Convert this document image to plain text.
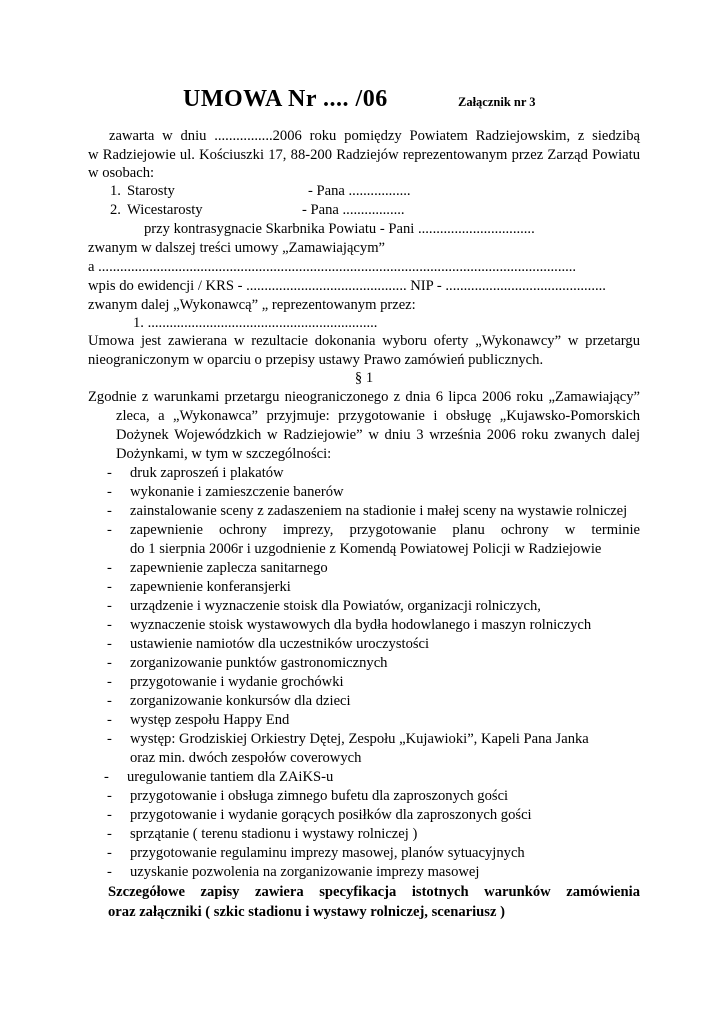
UMOWA Nr .... /06	Załącznik nr 3
zawarta w dniu ................2006 roku pomiędzy Powiatem Radziejowskim, z siedzibą
w Radziejowie ul. Kościuszki 17, 88-200 Radziejów reprezentowanym przez Zarząd Powiatu
w osobach:
1. Starosty	- Pana .................
2. Wicestarosty	- Pana .................
przy kontrasygnacie Skarbnika Powiatu - Pani ................................
zwanym w dalszej treści umowy „Zamawiającym”
a ...................................................................................................................................
wpis do ewidencji / KRS - ............................................ NIP - ............................................
zwanym dalej „Wykonawcą” „ reprezentowanym przez:
1. ...............................................................
Umowa jest zawierana w rezultacie dokonania wyboru oferty „Wykonawcy” w przetargu
nieograniczonym w oparciu o przepisy ustawy Prawo zamówień publicznych.
§ 1
Zgodnie z warunkami przetargu nieograniczonego z dnia 6 lipca 2006 roku „Zamawiający”
zleca, a „Wykonawca” przyjmuje: przygotowanie i obsługę „Kujawsko-Pomorskich
Dożynek Wojewódzkich w Radziejowie” w dniu 3 września 2006 roku zwanych dalej
Dożynkami, w tym w szczególności:
- druk zaproszeń i plakatów
- wykonanie i zamieszczenie banerów
- zainstalowanie sceny z zadaszeniem na stadionie i małej sceny na wystawie rolniczej
- zapewnienie ochrony imprezy, przygotowanie planu ochrony w terminie
do 1 sierpnia 2006r i uzgodnienie z Komendą Powiatowej Policji w Radziejowie
- zapewnienie zaplecza sanitarnego
- zapewnienie konferansjerki
- urządzenie i wyznaczenie stoisk dla Powiatów, organizacji rolniczych,
- wyznaczenie stoisk wystawowych dla bydła hodowlanego i maszyn rolniczych
- ustawienie namiotów dla uczestników uroczystości
- zorganizowanie punktów gastronomicznych
- przygotowanie i wydanie grochówki
- zorganizowanie konkursów dla dzieci
- występ zespołu Happy End
- występ: Grodziskiej Orkiestry Dętej, Zespołu „Kujawioki”, Kapeli Pana Janka
oraz min. dwóch zespołów coverowych
- uregulowanie tantiem dla ZAiKS-u
- przygotowanie i obsługa zimnego bufetu dla zaproszonych gości
- przygotowanie i wydanie gorących posiłków dla zaproszonych gości
- sprzątanie ( terenu stadionu i wystawy rolniczej )
- przygotowanie regulaminu imprezy masowej, planów sytuacyjnych
- uzyskanie pozwolenia na zorganizowanie imprezy masowej
Szczegółowe zapisy zawiera specyfikacja istotnych warunków zamówienia
oraz załączniki ( szkic stadionu i wystawy rolniczej, scenariusz )
